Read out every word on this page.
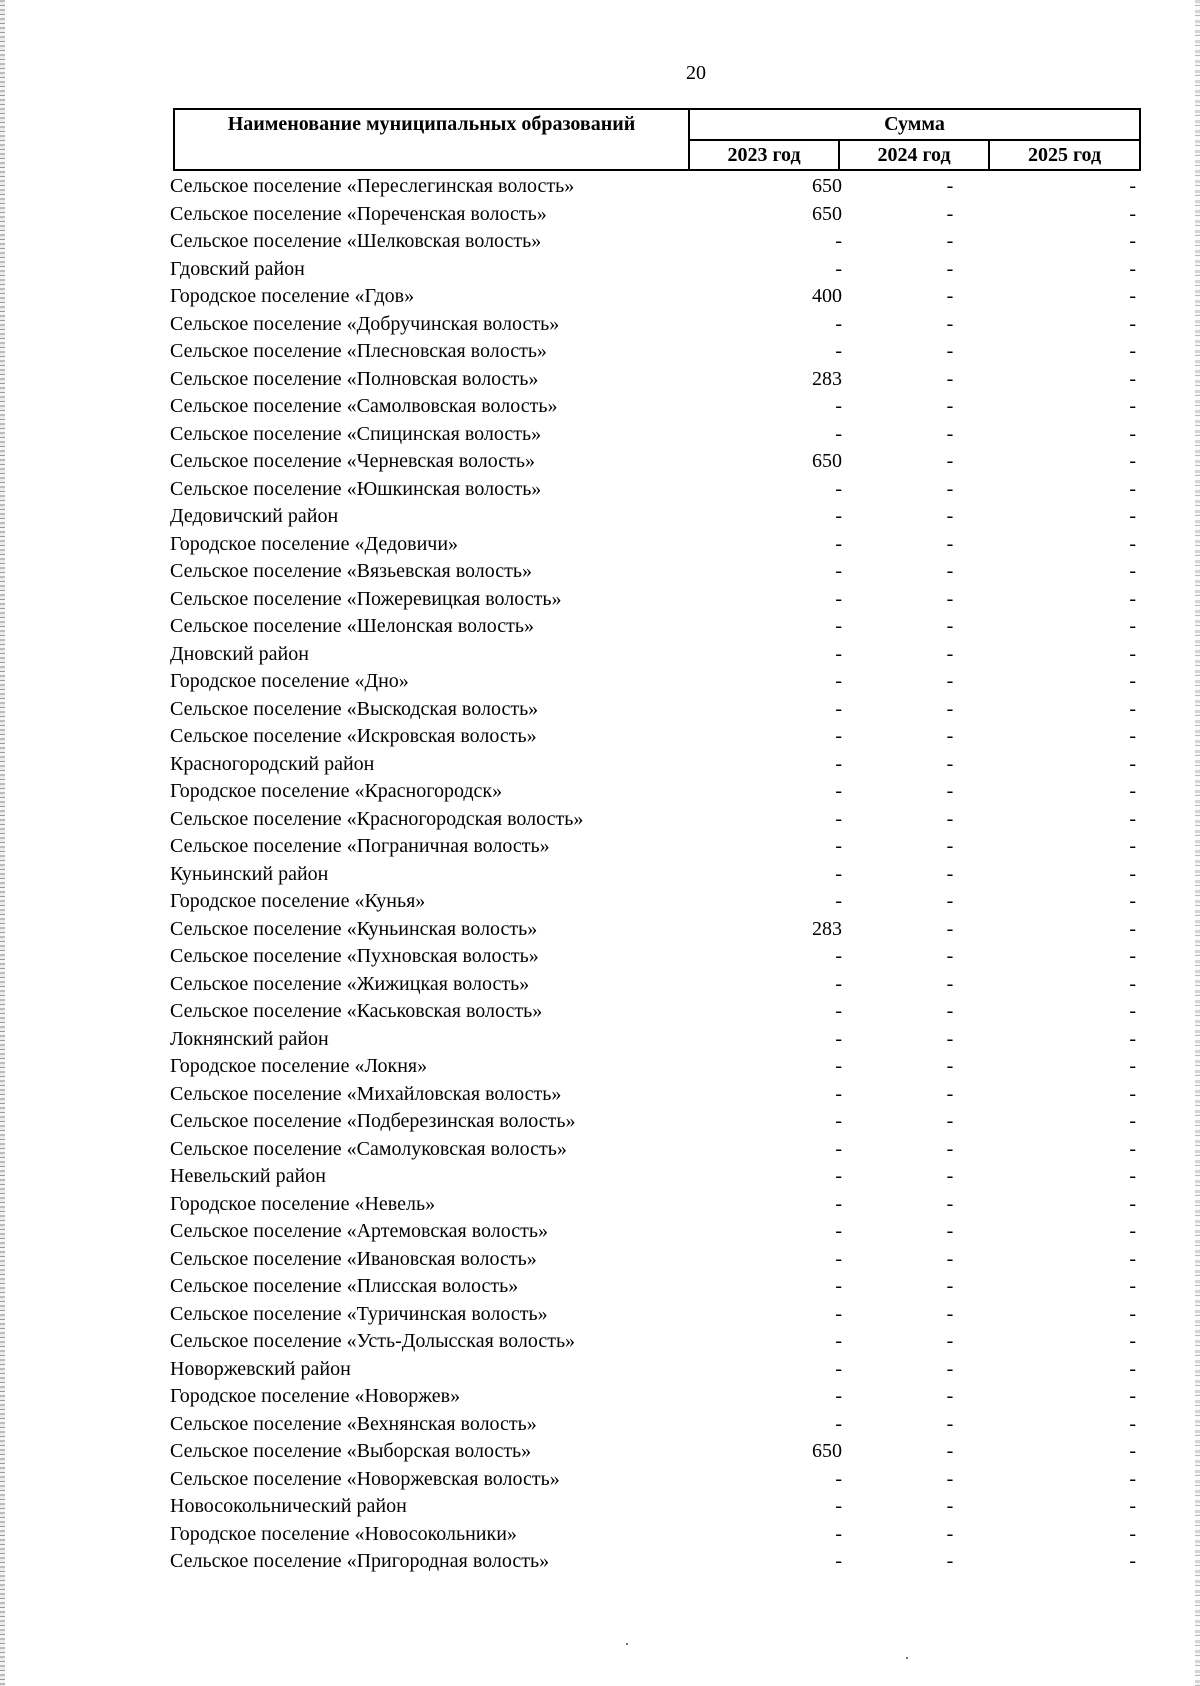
20
Наименование муниципальных образований	Сумма
2023 год	2024 год	2025 год
Сельское поселение «Переслегинская волость»	650	-	-
Сельское поселение «Пореченская волость»	650	-	-
Сельское поселение «Шелковская волость»	-	-	-
Гдовский район	-	-	-
Городское поселение «Гдов»	400	-	-
Сельское поселение «Добручинская волость»	-	-	-
Сельское поселение «Плесновская волость»	-	-	-
Сельское поселение «Полновская волость»	283	-	-
Сельское поселение «Самолвовская волость»	-	-	-
Сельское поселение «Спицинская волость»	-	-	-
Сельское поселение «Черневская волость»	650	-	-
Сельское поселение «Юшкинская волость»	-	-	-
Дедовичский район	-	-	-
Городское поселение «Дедовичи»	-	-	-
Сельское поселение «Вязьевская волость»	-	-	-
Сельское поселение «Пожеревицкая волость»	-	-	-
Сельское поселение «Шелонская волость»	-	-	-
Дновский район	-	-	-
Городское поселение «Дно»	-	-	-
Сельское поселение «Выскодская волость»	-	-	-
Сельское поселение «Искровская волость»	-	-	-
Красногородский район	-	-	-
Городское поселение «Красногородск»	-	-	-
Сельское поселение «Красногородская волость»	-	-	-
Сельское поселение «Пограничная волость»	-	-	-
Куньинский район	-	-	-
Городское поселение «Кунья»	-	-	-
Сельское поселение «Куньинская волость»	283	-	-
Сельское поселение «Пухновская волость»	-	-	-
Сельское поселение «Жижицкая волость»	-	-	-
Сельское поселение «Каськовская волость»	-	-	-
Локнянский район	-	-	-
Городское поселение «Локня»	-	-	-
Сельское поселение «Михайловская волость»	-	-	-
Сельское поселение «Подберезинская волость»	-	-	-
Сельское поселение «Самолуковская волость»	-	-	-
Невельский район	-	-	-
Городское поселение «Невель»	-	-	-
Сельское поселение «Артемовская волость»	-	-	-
Сельское поселение «Ивановская волость»	-	-	-
Сельское поселение «Плисская волость»	-	-	-
Сельское поселение «Туричинская волость»	-	-	-
Сельское поселение «Усть-Долысская волость»	-	-	-
Новоржевский район	-	-	-
Городское поселение «Новоржев»	-	-	-
Сельское поселение «Вехнянская волость»	-	-	-
Сельское поселение «Выборская волость»	650	-	-
Сельское поселение «Новоржевская волость»	-	-	-
Новосокольнический район	-	-	-
Городское поселение «Новосокольники»	-	-	-
Сельское поселение «Пригородная волость»	-	-	-
